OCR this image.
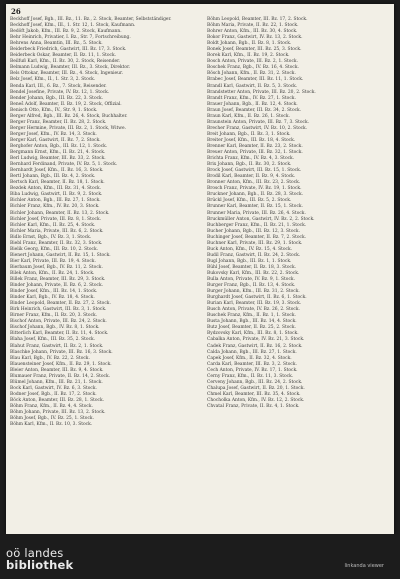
26

Beckhoff Josef, Bgb., III. Bz., 11. Bz., 2. Stock, Beamter, Selbstständiger.

Beckhoff Josef, Kfm., III., 1. Str. 12, 1. Stock, Kaufmann.

Bedöft Jakob, Kfm., III. Bz. 9, 2. Stock, Kaufmann.

Behr Heinrich, Privatier, I. Bz., Str. 7, Fortschreibung.

Behrens Anna, Beamtin, III. Bz., 5. Stock.

Beiderbeck Friedrich, Gastwirt, III. Bz. 17, 3. Stock.

Beiderbeck Oskar, Beamter, II. Bz. 11, 1. Stock.

Beilfuß Karl, Kfm., II. Bz. 30, 2. Stock, Reisender.

Belmann Ludwig, Beamter, III. Bz., 3. Stock, Direktor.

Bels Ottokar, Beamter, III. Bz., 4. Stock, Ingenieur.

Belz Josef, Kfm., II., 1. Str. 3, 2. Stock.

Benda Karl, III., 6. Bz., 7. Stock, Reisender.

Bendel Josefine, Private, IV. Bz. 12, 1. Stock.

Bender Johann, Bgb., III. Bz. 22, 3. Stock.

Beneš Adolf, Beamter, II. Bz. 19, 2. Stock, Offizial.

Benisch Otto, Kfm., IV., Str. 9, 1. Stock.

Berger Alfred, Bgb., III. Bz. 26, 4. Stock, Buchhalter.

Berger Franz, Beamter, II. Bz. 28, 2. Stock.

Berger Hermine, Private, III. Bz. 2, 1. Stock, Witwe.

Berger Josef, Kfm., IV. Bz. 14, 3. Stock.

Berger Karl, Gastwirt, II. Bz. 7, 2. Stock.

Berghofer Anton, Bgb., III. Bz. 12, 1. Stock.

Bergmann Ernst, Kfm., II. Bz. 21, 4. Stock.

Berl Ludwig, Beamter, III. Bz. 33, 2. Stock.

Bernhard Ferdinand, Private, IV. Bz. 5, 1. Stock.

Bernhardt Josef, Kfm., II. Bz. 16, 3. Stock.

Bertl Johann, Bgb., III. Bz. 4, 2. Stock.

Bertsch Karl, Beamter, II. Bz. 18, 1. Stock.

Bezdek Anton, Kfm., III. Bz. 31, 4. Stock.

Biba Ludwig, Gastwirt, II. Bz. 9, 2. Stock.

Bichler Anton, Bgb., III. Bz. 27, 1. Stock.

Bichler Franz, Kfm., IV. Bz. 20, 3. Stock.

Bichler Johann, Beamter, II. Bz. 13, 2. Stock.

Bichler Josef, Private, III. Bz. 8, 1. Stock.

Bichler Karl, Kfm., II. Bz. 25, 4. Stock.

Bichler Maria, Private, III. Bz. 6, 2. Stock.

Bidlo Ernst, Bgb., IV. Bz. 3, 1. Stock.

Biebl Franz, Beamter, II. Bz. 32, 3. Stock.

Bielik Georg, Kfm., III. Bz. 10, 2. Stock.

Bienert Johann, Gastwirt, II. Bz. 15, 1. Stock.

Bier Karl, Private, III. Bz. 19, 4. Stock.

Bierbaum Josef, Bgb., IV. Bz. 11, 2. Stock.

Bilek Anton, Kfm., II. Bz. 24, 1. Stock.

Billek Franz, Beamter, III. Bz. 29, 3. Stock.

Binder Johann, Private, II. Bz. 6, 2. Stock.

Binder Josef, Kfm., III. Bz. 14, 1. Stock.

Binder Karl, Bgb., IV. Bz. 18, 4. Stock.

Binder Leopold, Beamter, II. Bz. 27, 2. Stock.

Birk Heinrich, Gastwirt, III. Bz. 3, 1. Stock.

Birner Franz, Kfm., II. Bz. 20, 3. Stock.

Bischof Anton, Private, III. Bz. 24, 2. Stock.

Bischof Johann, Bgb., IV. Bz. 8, 1. Stock.

Bitterlich Karl, Beamter, II. Bz. 11, 4. Stock.

Blaha Josef, Kfm., III. Bz. 35, 2. Stock.

Blahut Franz, Gastwirt, II. Bz. 2, 1. Stock.

Blaschke Johann, Private, III. Bz. 16, 3. Stock.

Blau Karl, Bgb., IV. Bz. 22, 2. Stock.

Blauensteiner Josef, Kfm., II. Bz. 29, 1. Stock.

Bleier Anton, Beamter, III. Bz. 9, 4. Stock.

Blumauer Franz, Private, II. Bz. 14, 2. Stock.

Blümel Johann, Kfm., III. Bz. 21, 1. Stock.

Bock Karl, Gastwirt, IV. Bz. 6, 3. Stock.

Bodner Josef, Bgb., II. Bz. 17, 2. Stock.

Böck Anton, Beamter, III. Bz. 28, 1. Stock.

Böhm Franz, Kfm., II. Bz. 4, 4. Stock.

Böhm Johann, Private, III. Bz. 13, 2. Stock.

Böhm Josef, Bgb., IV. Bz. 25, 1. Stock.

Böhm Karl, Kfm., II. Bz. 10, 3. Stock.

Böhm Leopold, Beamter, III. Bz. 17, 2. Stock.

Böhm Maria, Private, II. Bz. 22, 1. Stock.

Bohrer Anton, Kfm., III. Bz. 30, 4. Stock.

Bokor Franz, Gastwirt, IV. Bz. 13, 2. Stock.

Boldt Johann, Bgb., II. Bz. 8, 1. Stock.

Bonek Josef, Beamter, III. Bz. 25, 3. Stock.

Borek Karl, Kfm., II. Bz. 19, 2. Stock.

Bosch Anton, Private, III. Bz. 2, 1. Stock.

Boschek Franz, Bgb., IV. Bz. 16, 4. Stock.

Bösch Johann, Kfm., II. Bz. 31, 2. Stock.

Brabec Josef, Beamter, III. Bz. 11, 1. Stock.

Brandl Karl, Gastwirt, II. Bz. 5, 3. Stock.

Brandstetter Anton, Private, III. Bz. 20, 2. Stock.

Brandt Franz, Kfm., IV. Bz. 27, 1. Stock.

Brauer Johann, Bgb., II. Bz. 12, 4. Stock.

Braun Josef, Beamter, III. Bz. 34, 2. Stock.

Braun Karl, Kfm., II. Bz. 26, 1. Stock.

Braunstein Anton, Private, III. Bz. 7, 3. Stock.

Brecher Franz, Gastwirt, IV. Bz. 10, 2. Stock.

Breit Johann, Bgb., II. Bz. 3, 1. Stock.

Breiter Josef, Kfm., III. Bz. 18, 4. Stock.

Brenner Karl, Beamter, II. Bz. 23, 2. Stock.

Breuer Anton, Private, III. Bz. 32, 1. Stock.

Brichta Franz, Kfm., IV. Bz. 4, 3. Stock.

Brix Johann, Bgb., II. Bz. 30, 2. Stock.

Brock Josef, Gastwirt, III. Bz. 15, 1. Stock.

Brodil Karl, Beamter, II. Bz. 9, 4. Stock.

Bronner Anton, Kfm., III. Bz. 23, 2. Stock.

Brosch Franz, Private, IV. Bz. 19, 1. Stock.

Bruckner Johann, Bgb., II. Bz. 28, 3. Stock.

Brückl Josef, Kfm., III. Bz. 5, 2. Stock.

Brunner Karl, Beamter, II. Bz. 15, 1. Stock.

Brunner Maria, Private, III. Bz. 26, 4. Stock.

Bruckmüller Anton, Gastwirt, IV. Bz. 2, 2. Stock.

Buchberger Franz, Kfm., II. Bz. 21, 1. Stock.

Bucher Johann, Bgb., III. Bz. 12, 3. Stock.

Buchinger Josef, Beamter, II. Bz. 7, 2. Stock.

Buchner Karl, Private, III. Bz. 29, 1. Stock.

Buck Anton, Kfm., IV. Bz. 15, 4. Stock.

Budil Franz, Gastwirt, II. Bz. 24, 2. Stock.

Bugl Johann, Bgb., III. Bz. 1, 1. Stock.

Bühl Josef, Beamter, II. Bz. 18, 3. Stock.

Bukovsky Karl, Kfm., III. Bz. 22, 2. Stock.

Bulla Anton, Private, IV. Bz. 9, 1. Stock.

Burger Franz, Bgb., II. Bz. 13, 4. Stock.

Burger Johann, Kfm., III. Bz. 31, 2. Stock.

Burghardt Josef, Gastwirt, II. Bz. 6, 1. Stock.

Burian Karl, Beamter, III. Bz. 19, 3. Stock.

Busch Anton, Private, IV. Bz. 26, 2. Stock.

Buschek Franz, Kfm., II. Bz. 1, 1. Stock.

Busta Johann, Bgb., III. Bz. 14, 4. Stock.

Butz Josef, Beamter, II. Bz. 25, 2. Stock.

Bydzovsky Karl, Kfm., III. Bz. 8, 1. Stock.

Cabalka Anton, Private, IV. Bz. 21, 3. Stock.

Cadek Franz, Gastwirt, II. Bz. 16, 2. Stock.

Calda Johann, Bgb., III. Bz. 27, 1. Stock.

Capek Josef, Kfm., II. Bz. 32, 4. Stock.

Carda Karl, Beamter, III. Bz. 3, 2. Stock.

Cech Anton, Private, IV. Bz. 17, 1. Stock.

Cerny Franz, Kfm., II. Bz. 11, 3. Stock.

Cerveny Johann, Bgb., III. Bz. 24, 2. Stock.

Chalupa Josef, Gastwirt, II. Bz. 20, 1. Stock.

Chmel Karl, Beamter, III. Bz. 35, 4. Stock.

Chocholka Anton, Kfm., IV. Bz. 12, 2. Stock.

Chvatal Franz, Private, II. Bz. 4, 1. Stock.

oö landes
bibliothek	linkanda viewer
